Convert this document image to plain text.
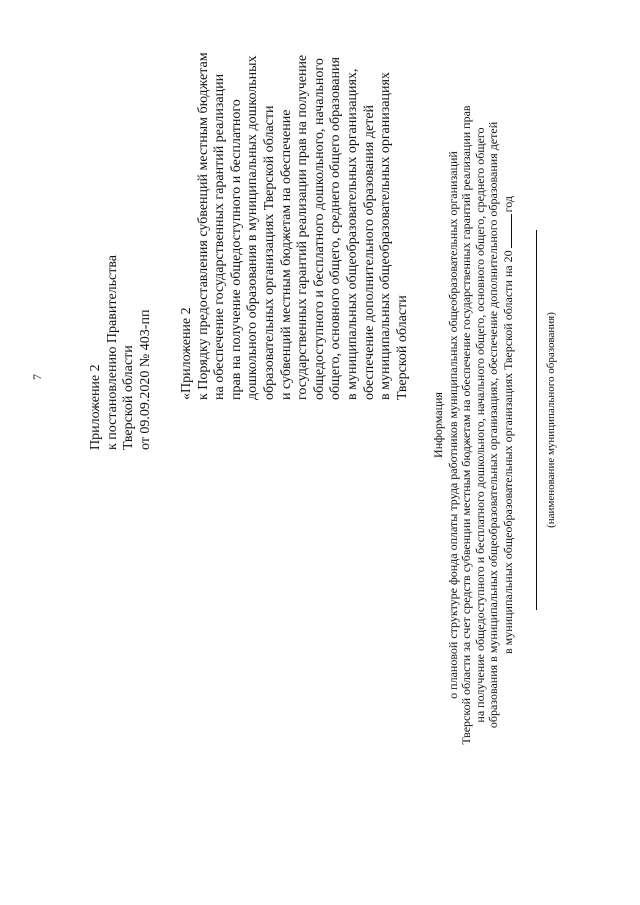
7	Приложение 2 к постановлению Правительства Тверской области от 09.09.2020 № 403-пп «Приложение 2 к Порядку предоставления субвенций местным бюджетам на обеспечение государственных гарантий реализации прав на получение общедоступного и бесплатного дошкольного образования в муниципальных дошкольных образовательных организациях Тверской области и субвенций местным бюджетам на обеспечение государственных гарантий реализации прав на получение общедоступного и бесплатного дошкольного, начального общего, основного общего, среднего общего образования в муниципальных общеобразовательных организациях, обеспечение дополнительного образования детей в муниципальных общеобразовательных организациях Тверской области
Информация о плановой структуре фонда оплаты труда работников муниципальных общеобразовательных организаций Тверской области за счет средств субвенции местным бюджетам на обеспечение государственных гарантий реализации прав на получение общедоступного и бесплатного дошкольного, начального общего, основного общего, среднего общего образования в муниципальных общеобразовательных организациях, обеспечение дополнительного образования детей в муниципальных общеобразовательных организациях Тверской области на 20год
(наименование муниципального образования)
